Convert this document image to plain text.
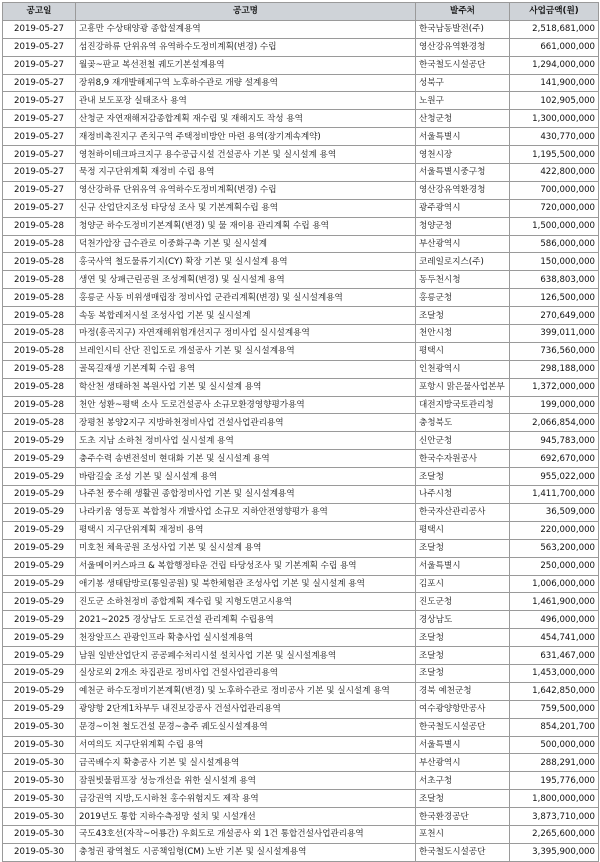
공고일	공고명	발주처	사업금액(원)
2019-05-27	고흥만 수상태양광 종합설계용역	한국남동발전(주)	2,518,681,000
2019-05-27	섬진강하류 단위유역 유역하수도정비계획(변경) 수립	영산강유역환경청	661,000,000
2019-05-27	월곶~판교 복선전철 궤도기본설계용역	한국철도시설공단	1,294,000,000
2019-05-27	장위8,9 재개발해제구역 노후하수관로 개량 설계용역	성북구	141,900,000
2019-05-27	관내 보도포장 실태조사 용역	노원구	102,905,000
2019-05-27	산청군 자연재해저감종합계획 재수립 및 재해지도 작성 용역	산청군청	1,300,000,000
2019-05-27	재정비촉진지구 존치구역 주택정비방안 마련 용역(장기계속계약)	서울특별시	430,770,000
2019-05-27	영천하이테크파크지구 용수공급시설 건설공사 기본 및 실시설계 용역	영천시장	1,195,500,000
2019-05-27	묵정 지구단위계획 재정비 수립 용역	서울특별시중구청	422,800,000
2019-05-27	영산강하류 단위유역 유역하수도정비계획(변경) 수립	영산강유역환경청	700,000,000
2019-05-27	신규 산업단지조성 타당성 조사 및 기본계획수립 용역	광주광역시	720,000,000
2019-05-28	청양군 하수도정비기본계획(변경) 및 물 재이용 관리계획 수립 용역	청양군청	1,500,000,000
2019-05-28	덕천가압장 급수관로 이중화구축 기본 및 실시설계	부산광역시	586,000,000
2019-05-28	홍국사역 철도물류기지(CY) 확장 기본 및 실시설계 용역	코레일로지스(주)	150,000,000
2019-05-28	생연 및 상패근린공원 조성계획(변경) 및 실시설계 용역	동두천시청	638,803,000
2019-05-28	홍릉군 사동 비위생매립장 정비사업 군관리계획(변경) 및 실시설계용역	홍릉군청	126,500,000
2019-05-28	속동 복합레저시설 조성사업 기본 및 실시설계	조달청	270,649,000
2019-05-28	마정(흥곡지구) 자연재해위험개선지구 정비사업 실시설계용역	천안시청	399,011,000
2019-05-28	브레인시티 산단 진입도로 개설공사 기본 및 실시설계용역	평택시	736,560,000
2019-05-28	골목길재생 기본계획 수립 용역	인천광역시	298,188,000
2019-05-28	학산천 생태하천 복원사업 기본 및 실시설계 용역	포항시 맑은물사업본부	1,372,000,000
2019-05-28	천안 성환~평택 소사 도로건설공사 소규모환경영향평가용역	대전지방국토관리청	199,000,000
2019-05-28	장평천 봉양2지구 지방하천정비사업 건설사업관리용역	충청북도	2,066,854,000
2019-05-29	도초 지남 소하천 정비사업 실시설계 용역	신안군청	945,783,000
2019-05-29	충주수력 송변전설비 현대화 기본 및 실시설계 용역	한국수자원공사	692,670,000
2019-05-29	바람길숲 조성 기본 및 실시설계 용역	조달청	955,022,000
2019-05-29	나주천 풍수해 생활권 종합정비사업 기본 및 실시설계용역	나주시청	1,411,700,000
2019-05-29	나라키움 영등포 복합청사 개발사업 소규모 지하안전영향평가 용역	한국자산관리공사	36,509,000
2019-05-29	평택시 지구단위계획 재정비 용역	평택시	220,000,000
2019-05-29	미호천 체육공원 조성사업 기본 및 실시설계 용역	조달청	563,200,000
2019-05-29	서울메이커스파크 & 복합행정타운 건립 타당성조사 및 기본계획 수립 용역	서울특별시	250,000,000
2019-05-29	애기봉 생태탐방로(통일공원) 및 북한체험관 조성사업 기본 및 실시설계 용역	김포시	1,006,000,000
2019-05-29	진도군 소하천정비 종합계획 재수립 및 지형도면고시용역	진도군청	1,461,900,000
2019-05-29	2021~2025 경상남도 도로건설 관리계획 수립용역	경상남도	496,000,000
2019-05-29	천장알프스 관광인프라 확충사업 실시설계용역	조달청	454,741,000
2019-05-29	남원 일반산업단지 공공폐수처리시설 설치사업 기본 및 실시설계용역	조달청	631,467,000
2019-05-29	실상로외 2개소 차집관로 정비사업 건설사업관리용역	조달청	1,453,000,000
2019-05-29	예천군 하수도정비기본계획(변경) 및 노후하수관로 정비공사 기본 및 실시설계 용역	경북 예천군청	1,642,850,000
2019-05-29	광양항 2단계1차부두 내진보강공사 건설사업관리용역	여수광양항만공사	759,500,000
2019-05-30	문경~이천 철도건설 문경~충주 궤도실시설계용역	한국철도시설공단	854,201,700
2019-05-30	서여의도 지구단위계획 수립 용역	서울특별시	500,000,000
2019-05-30	금곡배수지 확충공사 기본 및 실시설계용역	부산광역시	288,291,000
2019-05-30	잠원빗물펌프장 성능개선을 위한 실시설계 용역	서초구청	195,776,000
2019-05-30	금강권역 지방,도시하천 홍수위험지도 제작 용역	조달청	1,800,000,000
2019-05-30	2019년도 통합 지하수측정망 설치 및 시설개선	한국환경공단	3,873,710,000
2019-05-30	국도43호선(자작~어룡간) 우회도로 개설공사 외 1건 통합건설사업관리용역	포천시	2,265,600,000
2019-05-30	충청권 광역철도 시공책임형(CM) 노반 기본 및 실시설계용역	한국철도시설공단	3,395,900,000
